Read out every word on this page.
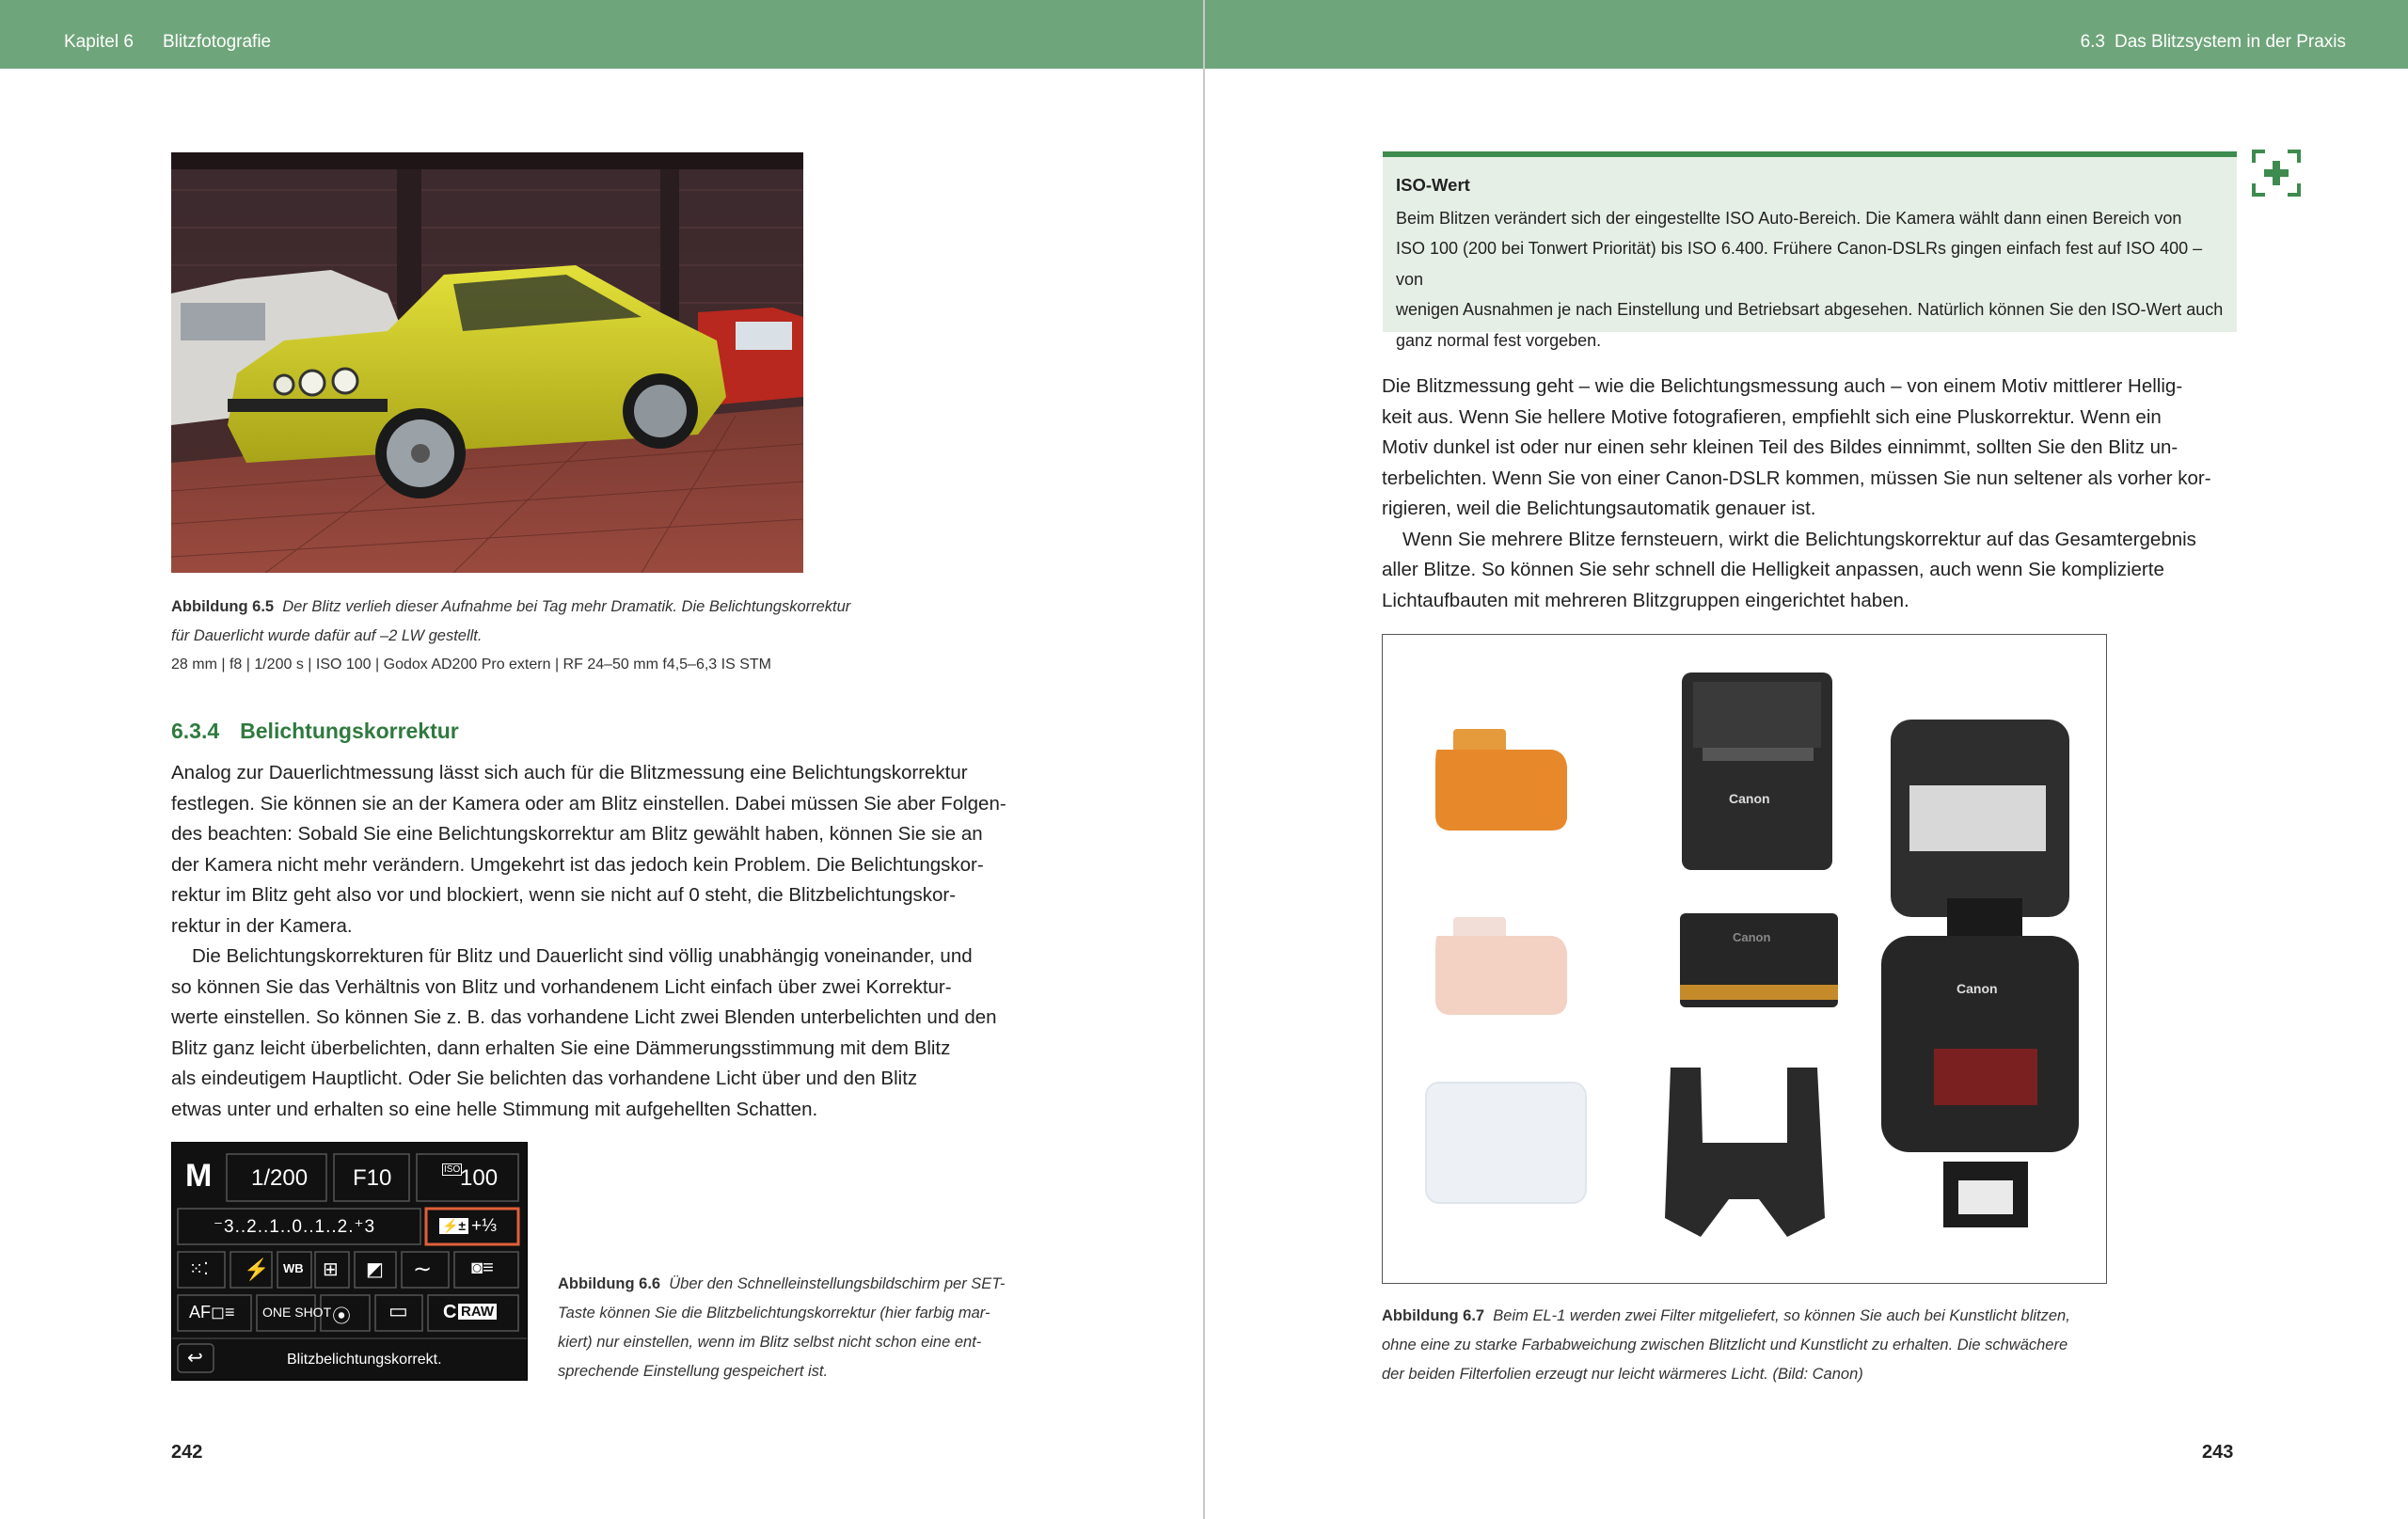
Kapitel 6 Blitzfotografie
Abbildung 6.5 Der Blitz verlieh dieser Aufnahme bei Tag mehr Dramatik. Die Belichtungskorrektur
für Dauerlicht wurde dafür auf –2 LW gestellt.
28 mm | f8 | 1/200 s | ISO 100 | Godox AD200 Pro extern | RF 24–50 mm f4,5–6,3 IS STM
6.3.4 Belichtungskorrektur
Analog zur Dauerlichtmessung lässt sich auch für die Blitzmessung eine Belichtungskorrektur
festlegen. Sie können sie an der Kamera oder am Blitz einstellen. Dabei müssen Sie aber Folgen-
des beachten: Sobald Sie eine Belichtungskorrektur am Blitz gewählt haben, können Sie sie an
der Kamera nicht mehr verändern. Umgekehrt ist das jedoch kein Problem. Die Belichtungskor-
rektur im Blitz geht also vor und blockiert, wenn sie nicht auf 0 steht, die Blitzbelichtungskor-
rektur in der Kamera.
Die Belichtungskorrekturen für Blitz und Dauerlicht sind völlig unabhängig voneinander, und
so können Sie das Verhältnis von Blitz und vorhandenem Licht einfach über zwei Korrektur-
werte einstellen. So können Sie z. B. das vorhandene Licht zwei Blenden unterbelichten und den
Blitz ganz leicht überbelichten, dann erhalten Sie eine Dämmerungsstimmung mit dem Blitz
als eindeutigem Hauptlicht. Oder Sie belichten das vorhandene Licht über und den Blitz
etwas unter und erhalten so eine helle Stimmung mit aufgehellten Schatten.
M 1/200 F10	ISO 100
⁻3..2..1..0..1..2.⁺3	⚡± +⅓
⁙⁚ ⚡ WB ⊞ ◩ ∼ ◙≡
AF◻≡ ONE SHOT ⦿ ▭ C RAW
↩	Blitzbelichtungskorrekt.
Abbildung 6.6 Über den Schnelleinstellungsbildschirm per SET-
Taste können Sie die Blitzbelichtungskorrektur (hier farbig mar-
kiert) nur einstellen, wenn im Blitz selbst nicht schon eine ent-
sprechende Einstellung gespeichert ist.
242
6.3 Das Blitzsystem in der Praxis
ISO-Wert
Beim Blitzen verändert sich der eingestellte ISO Auto-Bereich. Die Kamera wählt dann einen Bereich von
ISO 100 (200 bei Tonwert Priorität) bis ISO 6.400. Frühere Canon-DSLRs gingen einfach fest auf ISO 400 – von
wenigen Ausnahmen je nach Einstellung und Betriebsart abgesehen. Natürlich können Sie den ISO-Wert auch
ganz normal fest vorgeben.
Die Blitzmessung geht – wie die Belichtungsmessung auch – von einem Motiv mittlerer Hellig-
keit aus. Wenn Sie hellere Motive fotografieren, empfiehlt sich eine Pluskorrektur. Wenn ein
Motiv dunkel ist oder nur einen sehr kleinen Teil des Bildes einnimmt, sollten Sie den Blitz un-
terbelichten. Wenn Sie von einer Canon-DSLR kommen, müssen Sie nun seltener als vorher kor-
rigieren, weil die Belichtungsautomatik genauer ist.
Wenn Sie mehrere Blitze fernsteuern, wirkt die Belichtungskorrektur auf das Gesamtergebnis
aller Blitze. So können Sie sehr schnell die Helligkeit anpassen, auch wenn Sie komplizierte
Lichtaufbauten mit mehreren Blitzgruppen eingerichtet haben.
Canon
Canon
Canon
Abbildung 6.7 Beim EL-1 werden zwei Filter mitgeliefert, so können Sie auch bei Kunstlicht blitzen,
ohne eine zu starke Farbabweichung zwischen Blitzlicht und Kunstlicht zu erhalten. Die schwächere
der beiden Filterfolien erzeugt nur leicht wärmeres Licht. (Bild: Canon)
243
